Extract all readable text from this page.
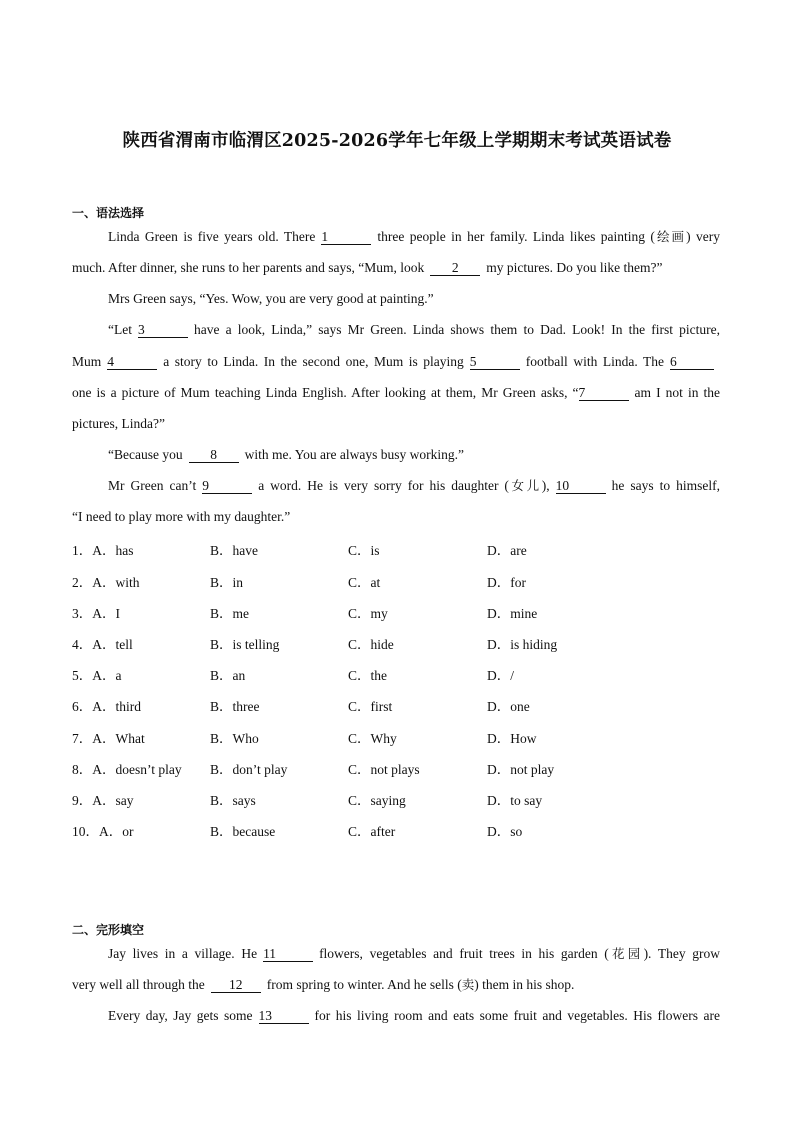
陕西省渭南市临渭区2025-2026学年七年级上学期期末考试英语试卷
一、语法选择
Linda Green is five years old. There 1	three people in her family. Linda likes painting (绘画) very
much. After dinner, she runs to her parents and says, “Mum, look 2 my pictures. Do you like them?”
Mrs Green says, “Yes. Wow, you are very good at painting.”
“Let 3	have a look, Linda,” says Mr Green. Linda shows them to Dad. Look! In the first picture,
Mum 4	a story to Linda. In the second one, Mum is playing 5	football with Linda. The 6
one is a picture of Mum teaching Linda English. After looking at them, Mr Green asks, “7	am I not in the
pictures, Linda?”
“Because you 8 with me. You are always busy working.”
Mr Green can’t 9	a word. He is very sorry for his daughter (女儿), 10	he says to himself,
“I need to play more with my daughter.”
1．A．has	B．have	C．is	D．are
2．A．with	B．in	C．at	D．for
3．A．I	B．me	C．my	D．mine
4．A．tell	B．is telling	C．hide	D．is hiding
5．A．a	B．an	C．the	D．/
6．A．third	B．three	C．first	D．one
7．A．What	B．Who	C．Why	D．How
8．A．doesn’t play B．don’t play	C．not plays	D．not play
9．A．say	B．says	C．saying	D．to say
10．A．or	B．because	C．after	D．so
二、完形填空
Jay lives in a village. He 11	flowers, vegetables and fruit trees in his garden (花园). They grow
very well all through the 12 from spring to winter. And he sells (卖) them in his shop.
Every day, Jay gets some 13	for his living room and eats some fruit and vegetables. His flowers are
